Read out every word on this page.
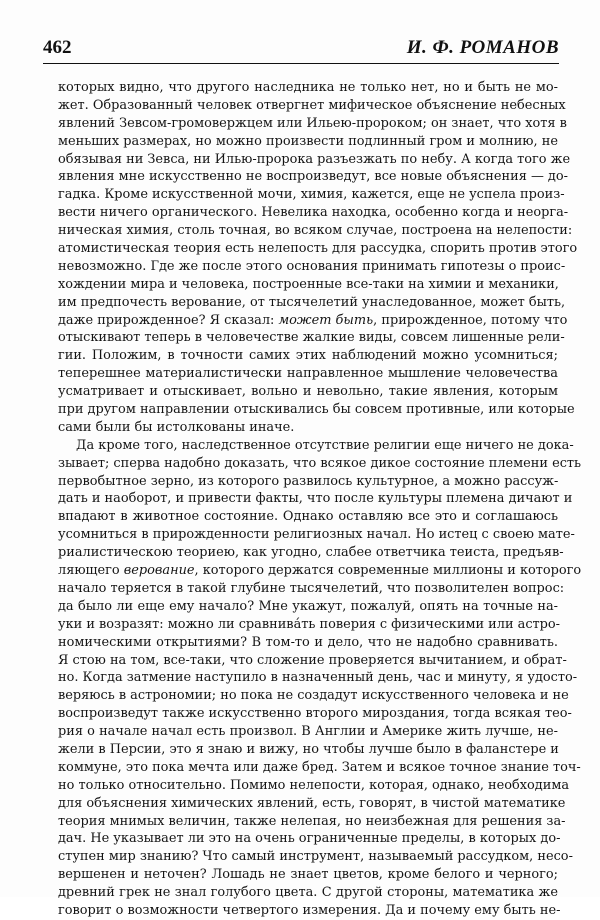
462	И. Ф. РОМАНОВ
которых видно, что другого наследника не только нет, но и быть не мо-
жет. Образованный человек отвергнет мифическое объяснение небесных
явлений Зевсом-громовержцем или Ильею-пророком; он знает, что хотя в
меньших размерах, но можно произвести подлинный гром и молнию, не
обязывая ни Зевса, ни Илью-пророка разъезжать по небу. А когда того же
явления мне искусственно не воспроизведут, все новые объяснения — до-
гадка. Кроме искусственной мочи, химия, кажется, еще не успела произ-
вести ничего органического. Невелика находка, особенно когда и неорга-
ническая химия, столь точная, во всяком случае, построена на нелепости:
атомистическая теория есть нелепость для рассудка, спорить против этого
невозможно. Где же после этого основания принимать гипотезы о проис-
хождении мира и человека, построенные все-таки на химии и механики,
им предпочесть верование, от тысячелетий унаследованное, может быть,
даже прирожденное? Я сказал: может быть, прирожденное, потому что
отыскивают теперь в человечестве жалкие виды, совсем лишенные рели-
гии. Положим, в точности самих этих наблюдений можно усомниться;
теперешнее материалистически направленное мышление человечества
усматривает и отыскивает, вольно и невольно, такие явления, которым
при другом направлении отыскивались бы совсем противные, или которые
сами были бы истолкованы иначе.
Да кроме того, наследственное отсутствие религии еще ничего не дока-
зывает; сперва надобно доказать, что всякое дикое состояние племени есть
первобытное зерно, из которого развилось культурное, а можно рассуж-
дать и наоборот, и привести факты, что после культуры племена дичают и
впадают в животное состояние. Однако оставляю все это и соглашаюсь
усомниться в прирожденности религиозных начал. Но истец с своею мате-
риалистическою теориею, как угодно, слабее ответчика теиста, предъяв-
ляющего верование, которого держатся современные миллионы и которого
начало теряется в такой глубине тысячелетий, что позволителен вопрос:
да было ли еще ему начало? Мне укажут, пожалуй, опять на точные на-
уки и возразят: можно ли сравнива́ть поверия с физическими или астро-
номическими открытиями? В том-то и дело, что не надобно сравнивать.
Я стою на том, все-таки, что сложение проверяется вычитанием, и обрат-
но. Когда затмение наступило в назначенный день, час и минуту, я удосто-
веряюсь в астрономии; но пока не создадут искусственного человека и не
воспроизведут также искусственно второго мироздания, тогда всякая тео-
рия о начале начал есть произвол. В Англии и Америке жить лучше, не-
жели в Персии, это я знаю и вижу, но чтобы лучше было в фаланстере и
коммуне, это пока мечта или даже бред. Затем и всякое точное знание точ-
но только относительно. Помимо нелепости, которая, однако, необходима
для объяснения химических явлений, есть, говорят, в чистой математике
теория мнимых величин, также нелепая, но неизбежная для решения за-
дач. Не указывает ли это на очень ограниченные пределы, в которых до-
ступен мир знанию? Что самый инструмент, называемый рассудком, несо-
вершенен и неточен? Лошадь не знает цветов, кроме белого и черного;
древний грек не знал голубого цвета. С другой стороны, математика же
говорит о возможности четвертого измерения. Да и почему ему быть не-
